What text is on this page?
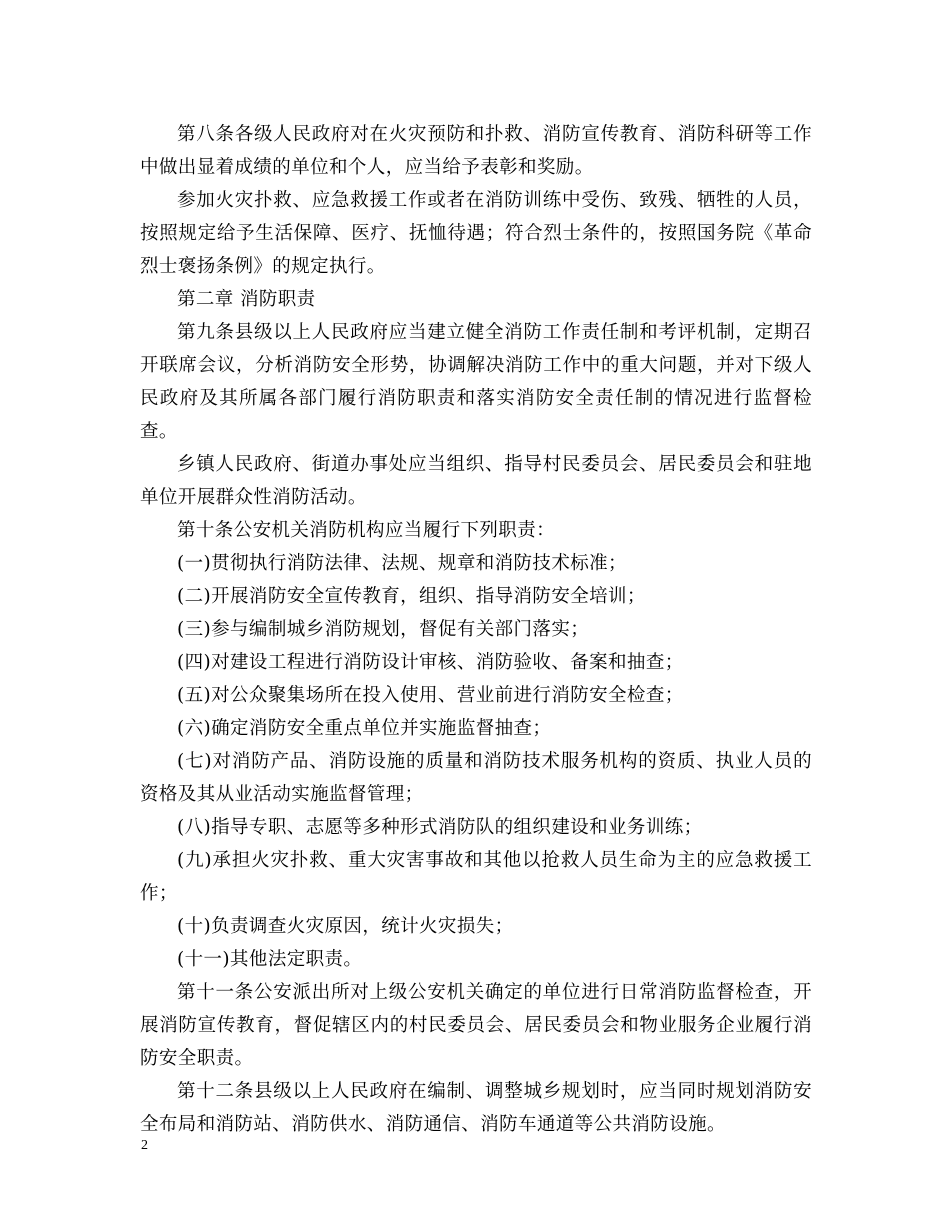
第八条各级人民政府对在火灾预防和扑救、消防宣传教育、消防科研等工作中做出显着成绩的单位和个人，应当给予表彰和奖励。

参加火灾扑救、应急救援工作或者在消防训练中受伤、致残、牺牲的人员，按照规定给予生活保障、医疗、抚恤待遇；符合烈士条件的，按照国务院《革命烈士褒扬条例》的规定执行。

第二章 消防职责

第九条县级以上人民政府应当建立健全消防工作责任制和考评机制，定期召开联席会议，分析消防安全形势，协调解决消防工作中的重大问题，并对下级人民政府及其所属各部门履行消防职责和落实消防安全责任制的情况进行监督检查。

乡镇人民政府、街道办事处应当组织、指导村民委员会、居民委员会和驻地单位开展群众性消防活动。

第十条公安机关消防机构应当履行下列职责：

(一)贯彻执行消防法律、法规、规章和消防技术标准；

(二)开展消防安全宣传教育，组织、指导消防安全培训；

(三)参与编制城乡消防规划，督促有关部门落实；

(四)对建设工程进行消防设计审核、消防验收、备案和抽查；

(五)对公众聚集场所在投入使用、营业前进行消防安全检查；

(六)确定消防安全重点单位并实施监督抽查；

(七)对消防产品、消防设施的质量和消防技术服务机构的资质、执业人员的资格及其从业活动实施监督管理；

(八)指导专职、志愿等多种形式消防队的组织建设和业务训练；

(九)承担火灾扑救、重大灾害事故和其他以抢救人员生命为主的应急救援工作；

(十)负责调查火灾原因，统计火灾损失；

(十一)其他法定职责。

第十一条公安派出所对上级公安机关确定的单位进行日常消防监督检查，开展消防宣传教育，督促辖区内的村民委员会、居民委员会和物业服务企业履行消防安全职责。

第十二条县级以上人民政府在编制、调整城乡规划时，应当同时规划消防安全布局和消防站、消防供水、消防通信、消防车通道等公共消防设施。

2
